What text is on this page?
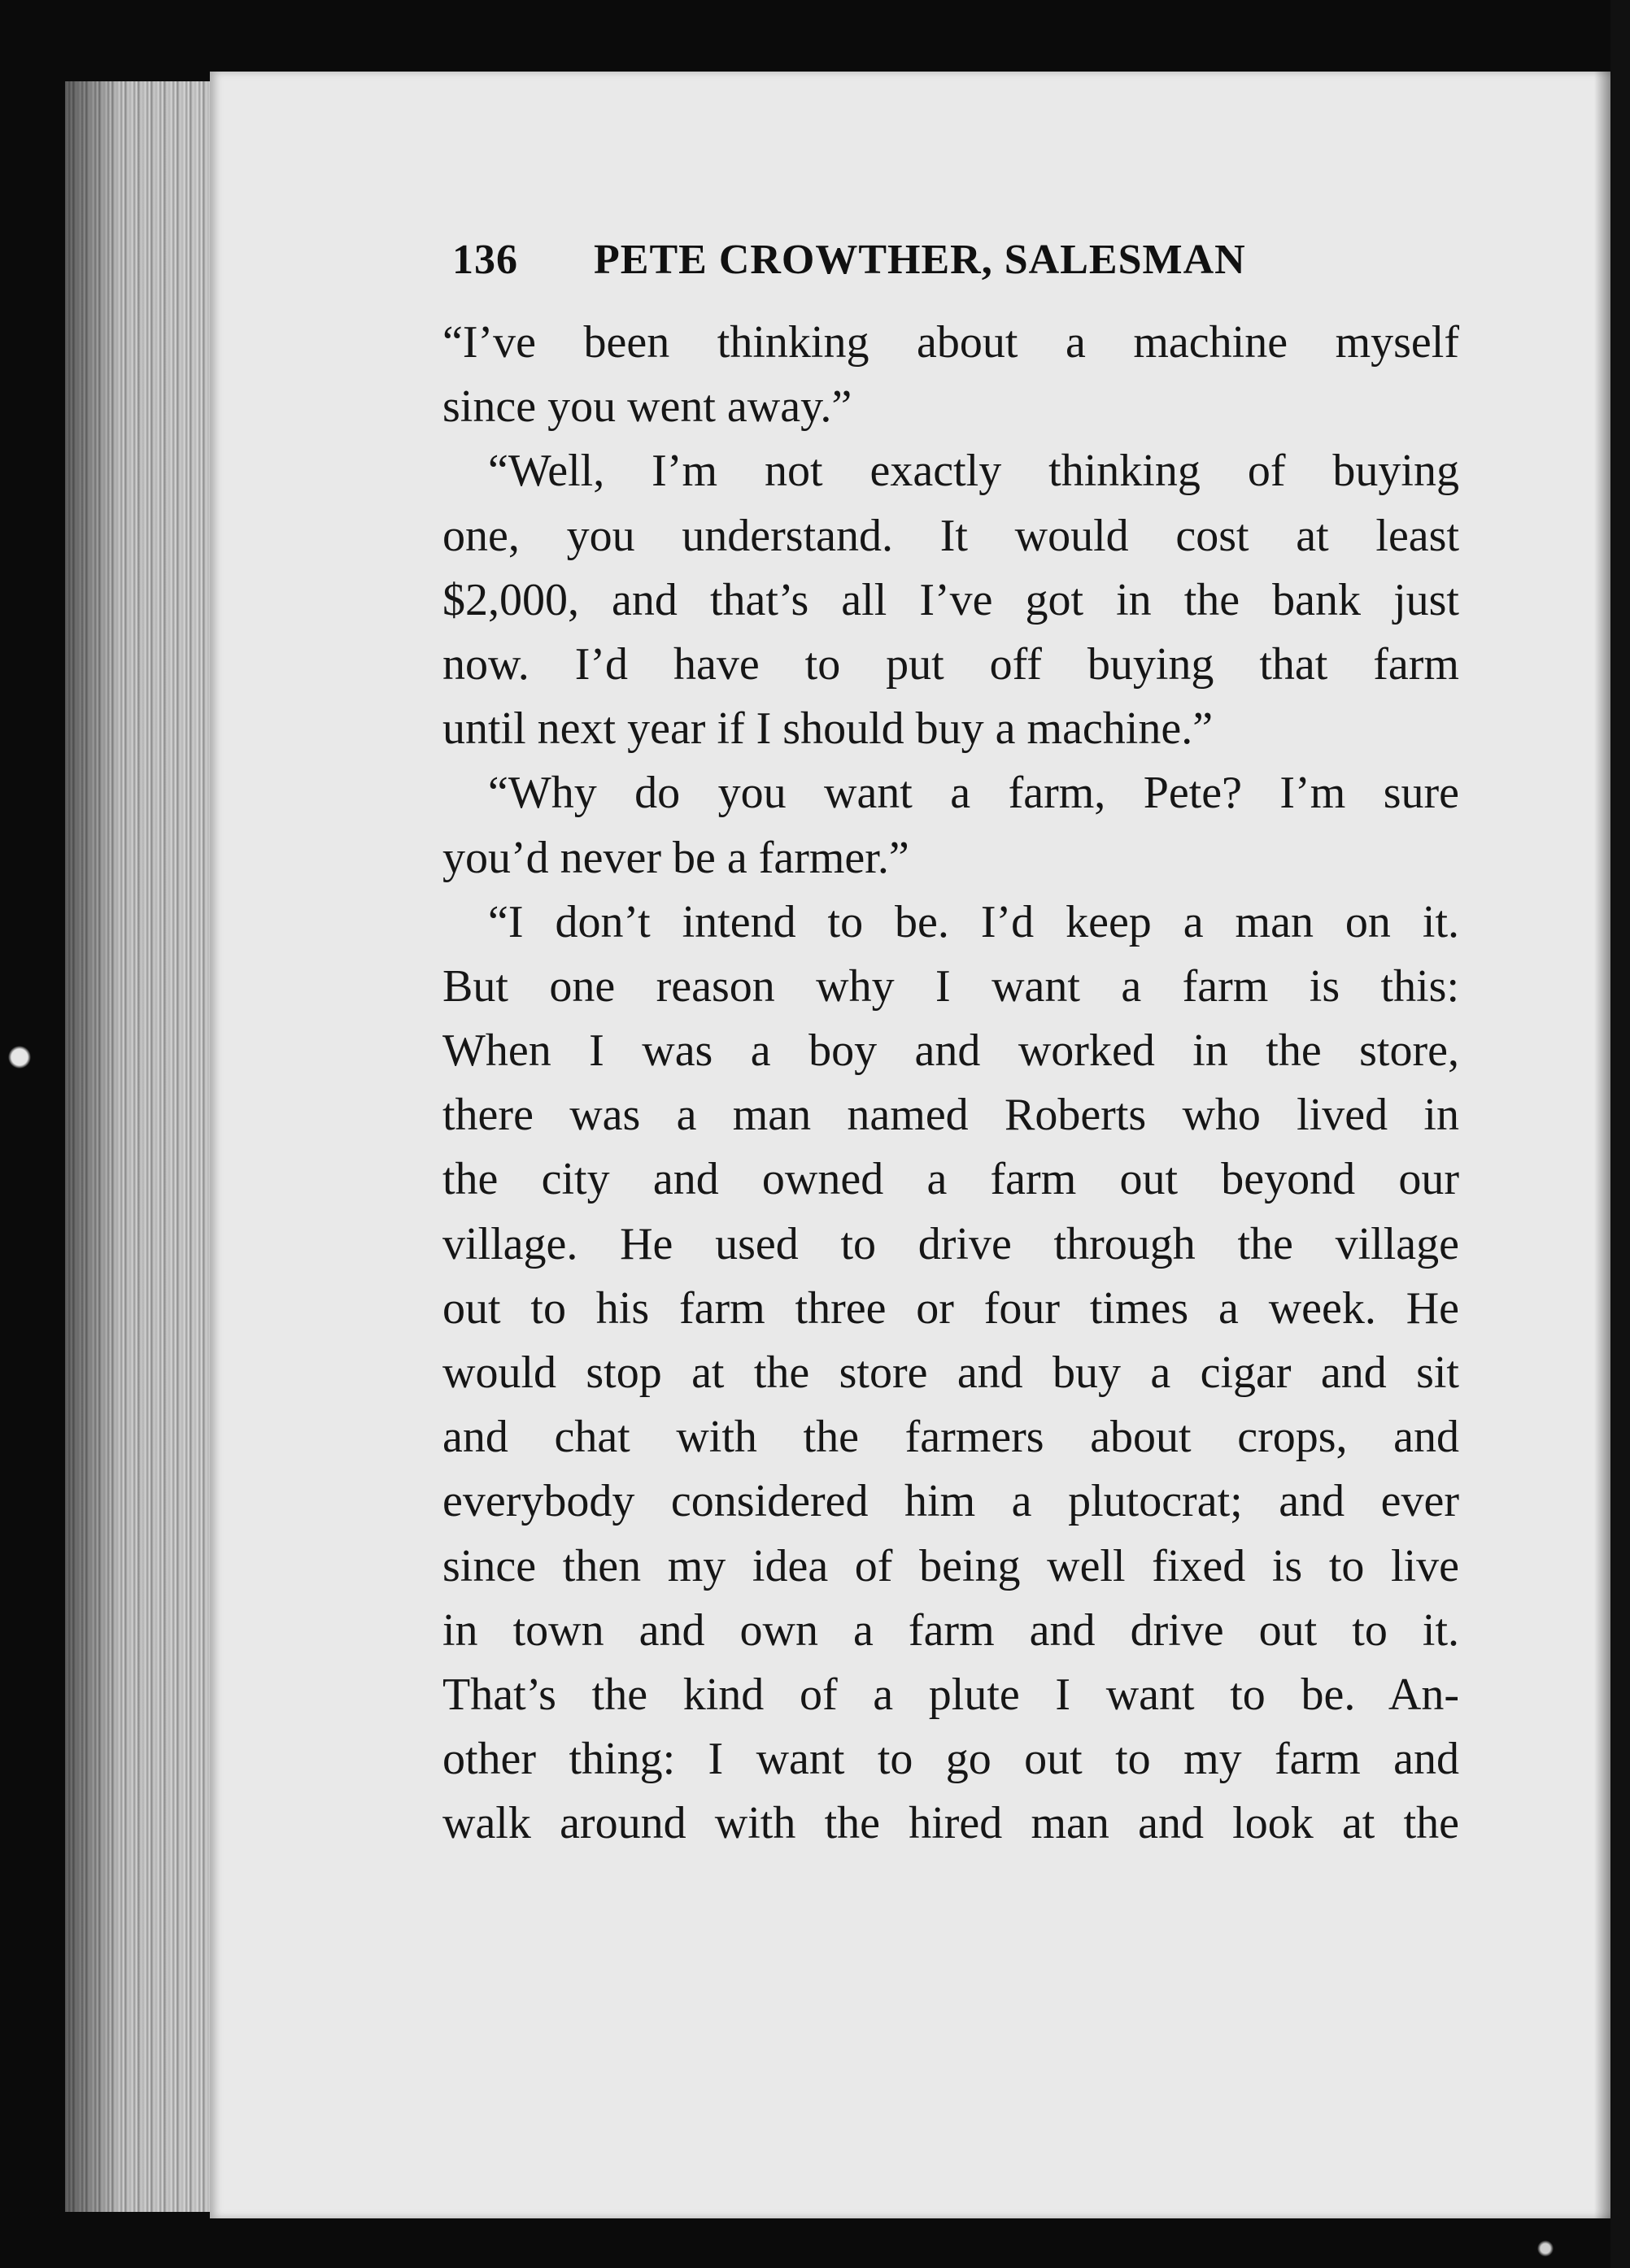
136 PETE CROWTHER, SALESMAN
“I’ve been thinking about a machine myself
since you went away.”
“Well, I’m not exactly thinking of buying
one, you understand. It would cost at least
$2,000, and that’s all I’ve got in the bank just
now. I’d have to put off buying that farm
until next year if I should buy a machine.”
“Why do you want a farm, Pete? I’m sure
you’d never be a farmer.”
“I don’t intend to be. I’d keep a man on it.
But one reason why I want a farm is this:
When I was a boy and worked in the store,
there was a man named Roberts who lived in
the city and owned a farm out beyond our
village. He used to drive through the village
out to his farm three or four times a week. He
would stop at the store and buy a cigar and sit
and chat with the farmers about crops, and
everybody considered him a plutocrat; and ever
since then my idea of being well fixed is to live
in town and own a farm and drive out to it.
That’s the kind of a plute I want to be. An-
other thing: I want to go out to my farm and
walk around with the hired man and look at the
